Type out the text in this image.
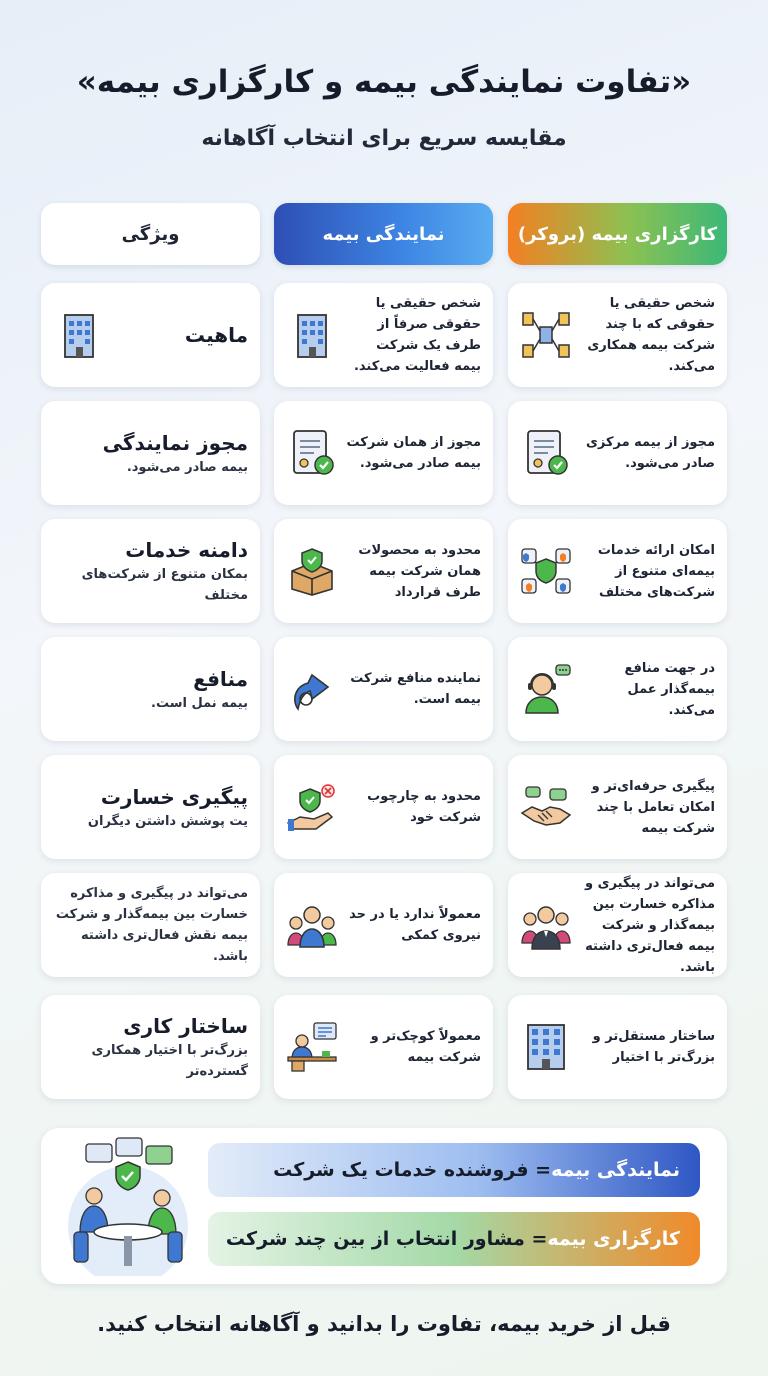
«تفاوت نمایندگی بیمه و کارگزاری بیمه»
مقایسه سریع برای انتخاب آگاهانه
کارگزاری بیمه (بروکر)
نمایندگی بیمه
ویژگی
شخص حقیقی یا حقوقی که با چند شرکت بیمه همکاری می‌کند.
شخص حقیقی یا حقوقی صرفاً از طرف یک شرکت بیمه فعالیت می‌کند.
ماهیت
مجوز از بیمه مرکزی صادر می‌شود.
مجوز از همان شرکت بیمه صادر می‌شود.
مجوز نمایندگی
بیمه صادر می‌شود.
امکان ارائه خدمات بیمه‌ای متنوع از شرکت‌های مختلف
محدود به محصولات همان شرکت بیمه طرف قرارداد
دامنه خدمات
بمکان متنوع از شرکت‌های مختلف
در جهت منافع بیمه‌گذار عمل می‌کند.
نماینده منافع شرکت بیمه است.
منافع
بیمه نمل است.
پیگیری حرفه‌ای‌تر و امکان تعامل با چند شرکت بیمه
محدود به چارچوب شرکت خود
پیگیری خسارت
یت پوشش داشتن دیگران
می‌تواند در پیگیری و مذاکره خسارت بین بیمه‌گذار و شرکت بیمه فعال‌تری داشته باشد.
معمولاً ندارد یا در حد نیروی کمکی
می‌تواند در پیگیری و مذاکره خسارت بین بیمه‌گذار و شرکت بیمه نقش فعال‌تری داشته باشد.
ساختار مستقل‌تر و بزرگ‌تر با اختیار
معمولاً کوچک‌تر و شرکت بیمه
ساختار کاری
بزرگ‌تر با اختیار همکاری گسترده‌تر
نمایندگی بیمه
= فروشنده خدمات یک شرکت
کارگزاری بیمه
= مشاور انتخاب از بین چند شرکت
قبل از خرید بیمه، تفاوت را بدانید و آگاهانه انتخاب کنید.
